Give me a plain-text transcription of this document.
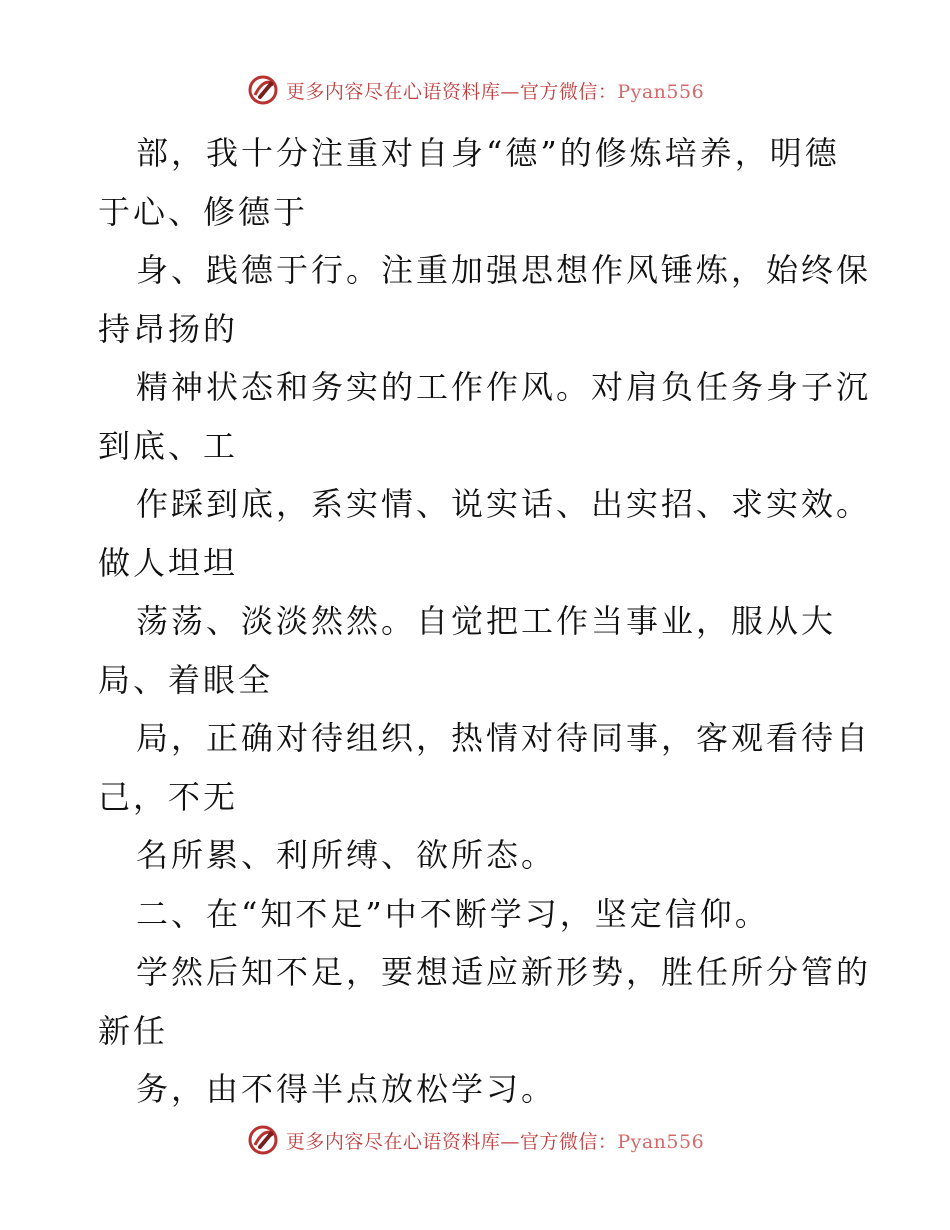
更多内容尽在心语资料库—官方微信：Pyan556
部，我十分注重对自身“德”的修炼培养，明德
于心、修德于
身、践德于行。注重加强思想作风锤炼，始终保
持昂扬的
精神状态和务实的工作作风。对肩负任务身子沉
到底、工
作踩到底，系实情、说实话、出实招、求实效。
做人坦坦
荡荡、淡淡然然。自觉把工作当事业，服从大
局、着眼全
局，正确对待组织，热情对待同事，客观看待自
己，不无
名所累、利所缚、欲所态。
二、在“知不足”中不断学习，坚定信仰。
学然后知不足，要想适应新形势，胜任所分管的
新任
务，由不得半点放松学习。
更多内容尽在心语资料库—官方微信：Pyan556
